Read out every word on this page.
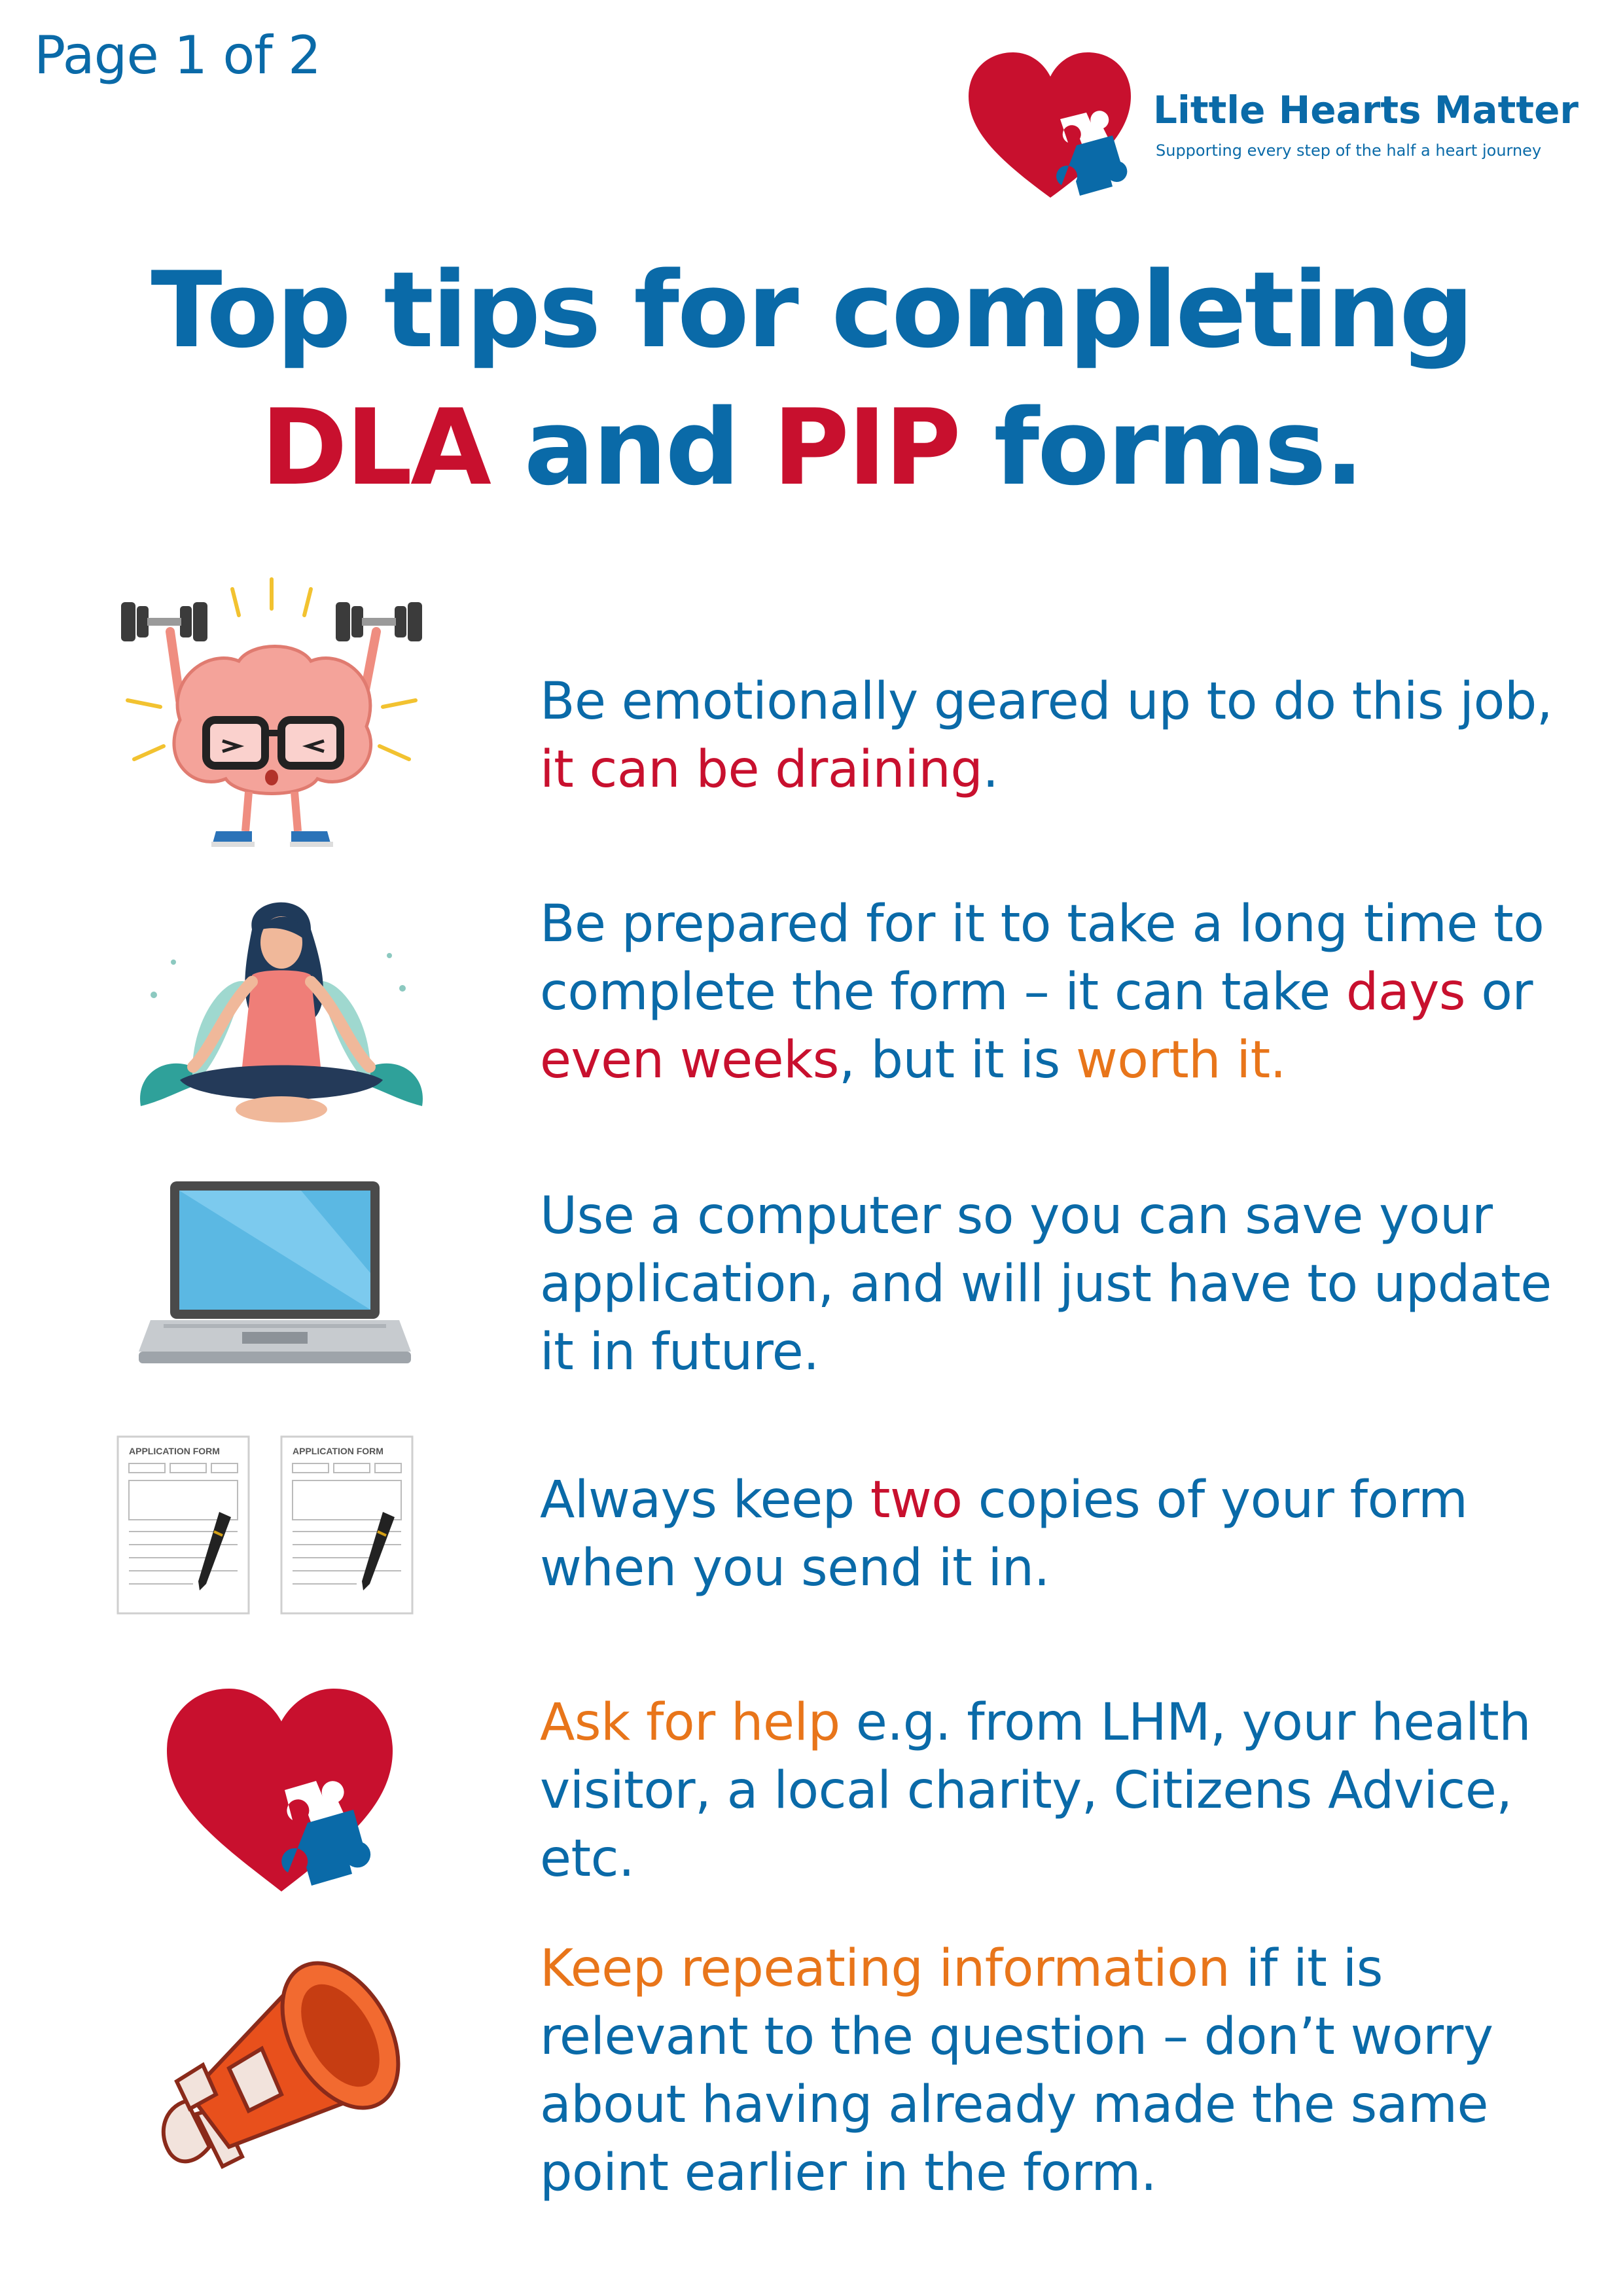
Page 1 of 2
Little Hearts Matter
Supporting every step of the half a heart journey
Top tips for completing
DLA and PIP forms.
Be emotionally geared up to do this job, it can be draining.
Be prepared for it to take a long time to complete the form – it can take days or even weeks, but it is worth it.
Use a computer so you can save your application, and will just have to update it in future.
APPLICATION FORM	APPLICATION FORM
Always keep two copies of your form when you send it in.
Ask for help e.g. from LHM, your health visitor, a local charity, Citizens Advice, etc.
Keep repeating information if it is relevant to the question – don’t worry about having already made the same point earlier in the form.
